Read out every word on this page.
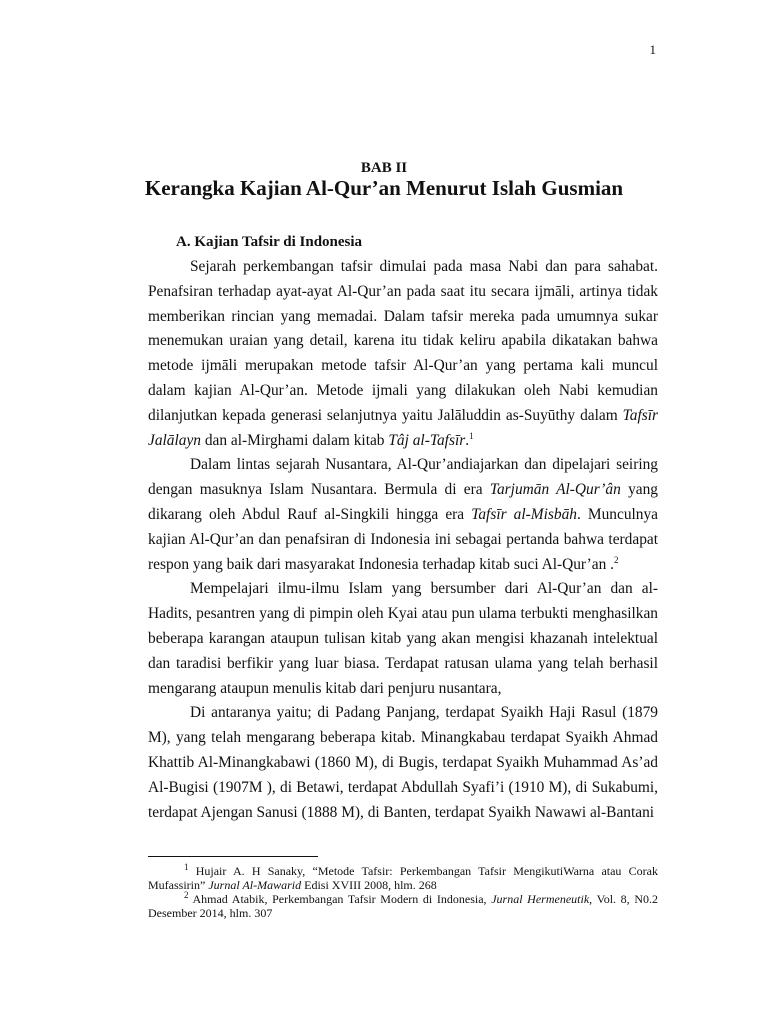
1
BAB II
Kerangka Kajian Al-Qur’an Menurut Islah Gusmian
A. Kajian Tafsir di Indonesia

Sejarah perkembangan tafsir dimulai pada masa Nabi dan para sahabat. Penafsiran terhadap ayat-ayat Al-Qur’an pada saat itu secara ijmāli, artinya tidak memberikan rincian yang memadai. Dalam tafsir mereka pada umumnya sukar menemukan uraian yang detail, karena itu tidak keliru apabila dikatakan bahwa metode ijmāli merupakan metode tafsir Al-Qur’an yang pertama kali muncul dalam kajian Al-Qur’an. Metode ijmali yang dilakukan oleh Nabi kemudian dilanjutkan kepada generasi selanjutnya yaitu Jalāluddin as-Suyūthy dalam Tafsīr Jalālayn dan al-Mirghami dalam kitab Tâj al-Tafsīr.$^1$

Dalam lintas sejarah Nusantara, Al-Qur’andiajarkan dan dipelajari seiring dengan masuknya Islam Nusantara. Bermula di era Tarjumān Al-Qur’ân yang dikarang oleh Abdul Rauf al-Singkili hingga era Tafsīr al-Misbāh. Munculnya kajian Al-Qur’an dan penafsiran di Indonesia ini sebagai pertanda bahwa terdapat respon yang baik dari masyarakat Indonesia terhadap kitab suci Al-Qur’an .$^2$

Mempelajari ilmu-ilmu Islam yang bersumber dari Al-Qur’an dan al-Hadits, pesantren yang di pimpin oleh Kyai atau pun ulama terbukti menghasilkan beberapa karangan ataupun tulisan kitab yang akan mengisi khazanah intelektual dan taradisi berfikir yang luar biasa. Terdapat ratusan ulama yang telah berhasil mengarang ataupun menulis kitab dari penjuru nusantara,

Di antaranya yaitu; di Padang Panjang, terdapat Syaikh Haji Rasul (1879 M), yang telah mengarang beberapa kitab. Minangkabau terdapat Syaikh Ahmad Khattib Al-Minangkabawi (1860 M), di Bugis, terdapat Syaikh Muhammad As’ad Al-Bugisi (1907M ), di Betawi, terdapat Abdullah Syafi’i (1910 M), di Sukabumi, terdapat Ajengan Sanusi (1888 M), di Banten, terdapat Syaikh Nawawi al-Bantani

$^1$ Hujair A. H Sanaky, “Metode Tafsir: Perkembangan Tafsir MengikutiWarna atau Corak Mufassirin” Jurnal Al-Mawarid Edisi XVIII 2008, hlm. 268

$^2$ Ahmad Atabik, Perkembangan Tafsir Modern di Indonesia, Jurnal Hermeneutik, Vol. 8, N0.2 Desember 2014, hlm. 307
